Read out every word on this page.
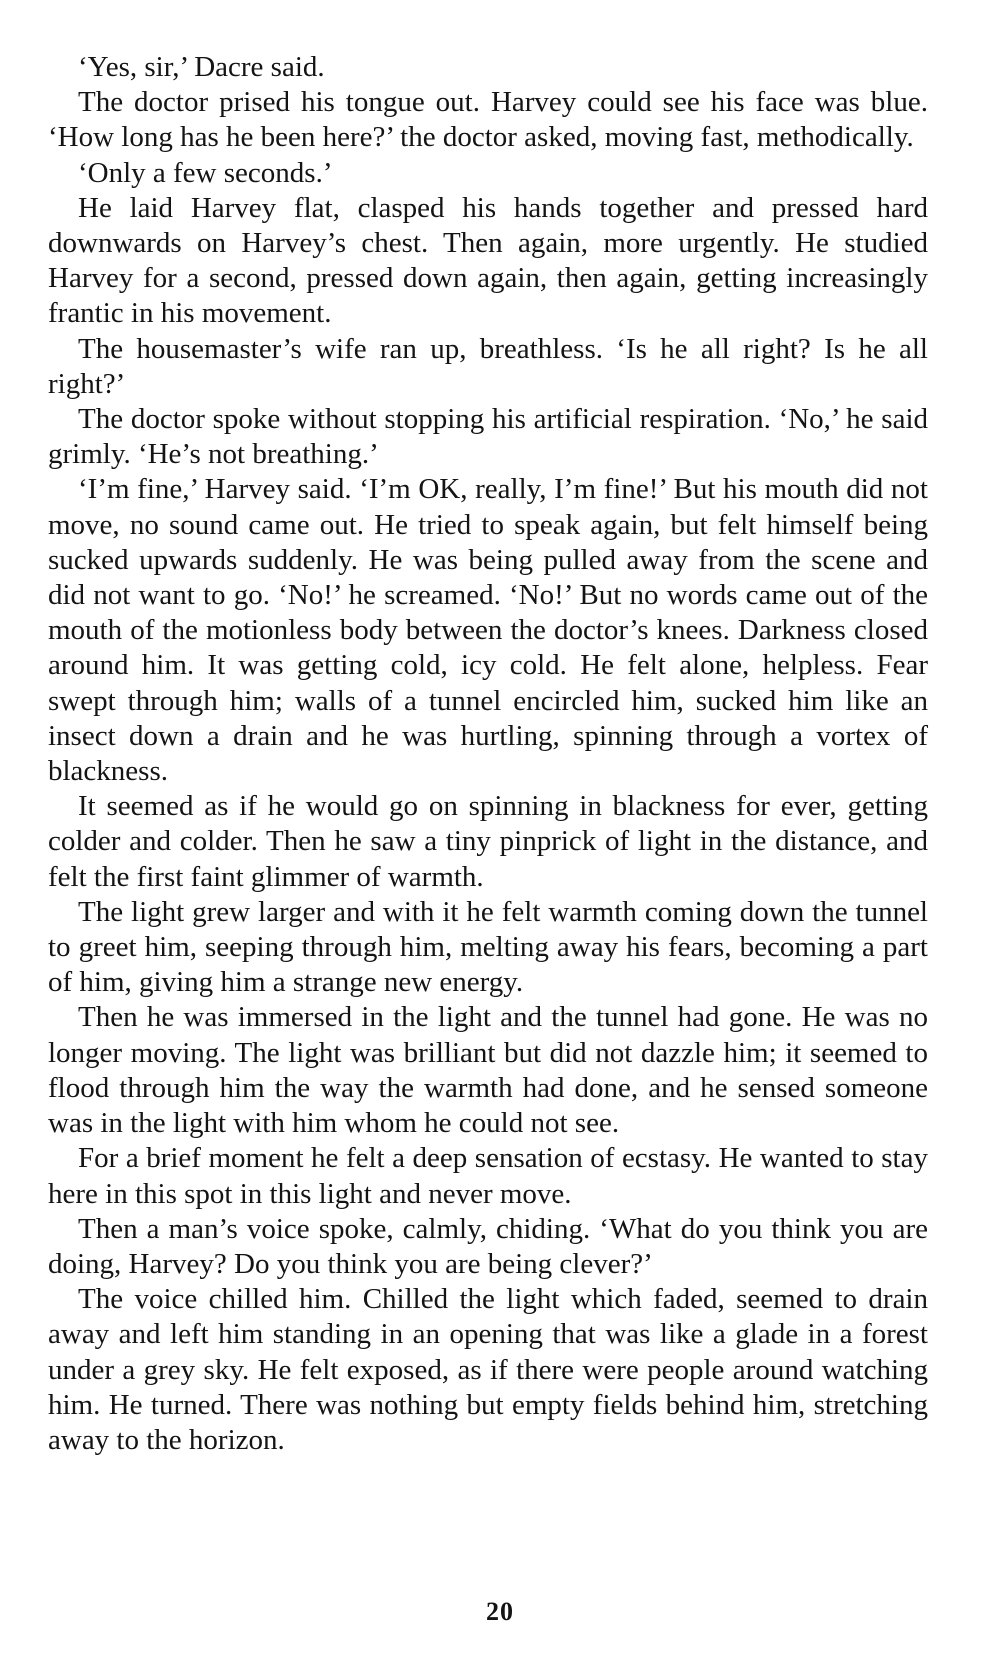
‘Yes, sir,’ Dacre said.

The doctor prised his tongue out. Harvey could see his face was blue. ‘How long has he been here?’ the doctor asked, moving fast, methodically.

‘Only a few seconds.’

He laid Harvey flat, clasped his hands together and pressed hard downwards on Harvey’s chest. Then again, more urgently. He studied Harvey for a second, pressed down again, then again, getting increasingly frantic in his movement.

The housemaster’s wife ran up, breathless. ‘Is he all right? Is he all right?’

The doctor spoke without stopping his artificial respiration. ‘No,’ he said grimly. ‘He’s not breathing.’

‘I’m fine,’ Harvey said. ‘I’m OK, really, I’m fine!’ But his mouth did not move, no sound came out. He tried to speak again, but felt himself being sucked upwards suddenly. He was being pulled away from the scene and did not want to go. ‘No!’ he screamed. ‘No!’ But no words came out of the mouth of the motionless body between the doctor’s knees. Darkness closed around him. It was getting cold, icy cold. He felt alone, helpless. Fear swept through him; walls of a tunnel encircled him, sucked him like an insect down a drain and he was hurtling, spinning through a vortex of blackness.

It seemed as if he would go on spinning in blackness for ever, getting colder and colder. Then he saw a tiny pinprick of light in the distance, and felt the first faint glimmer of warmth.

The light grew larger and with it he felt warmth coming down the tunnel to greet him, seeping through him, melting away his fears, becoming a part of him, giving him a strange new energy.

Then he was immersed in the light and the tunnel had gone. He was no longer moving. The light was brilliant but did not dazzle him; it seemed to flood through him the way the warmth had done, and he sensed someone was in the light with him whom he could not see.

For a brief moment he felt a deep sensation of ecstasy. He wanted to stay here in this spot in this light and never move.

Then a man’s voice spoke, calmly, chiding. ‘What do you think you are doing, Harvey? Do you think you are being clever?’

The voice chilled him. Chilled the light which faded, seemed to drain away and left him standing in an opening that was like a glade in a forest under a grey sky. He felt exposed, as if there were people around watching him. He turned. There was nothing but empty fields behind him, stretching away to the horizon.

20
